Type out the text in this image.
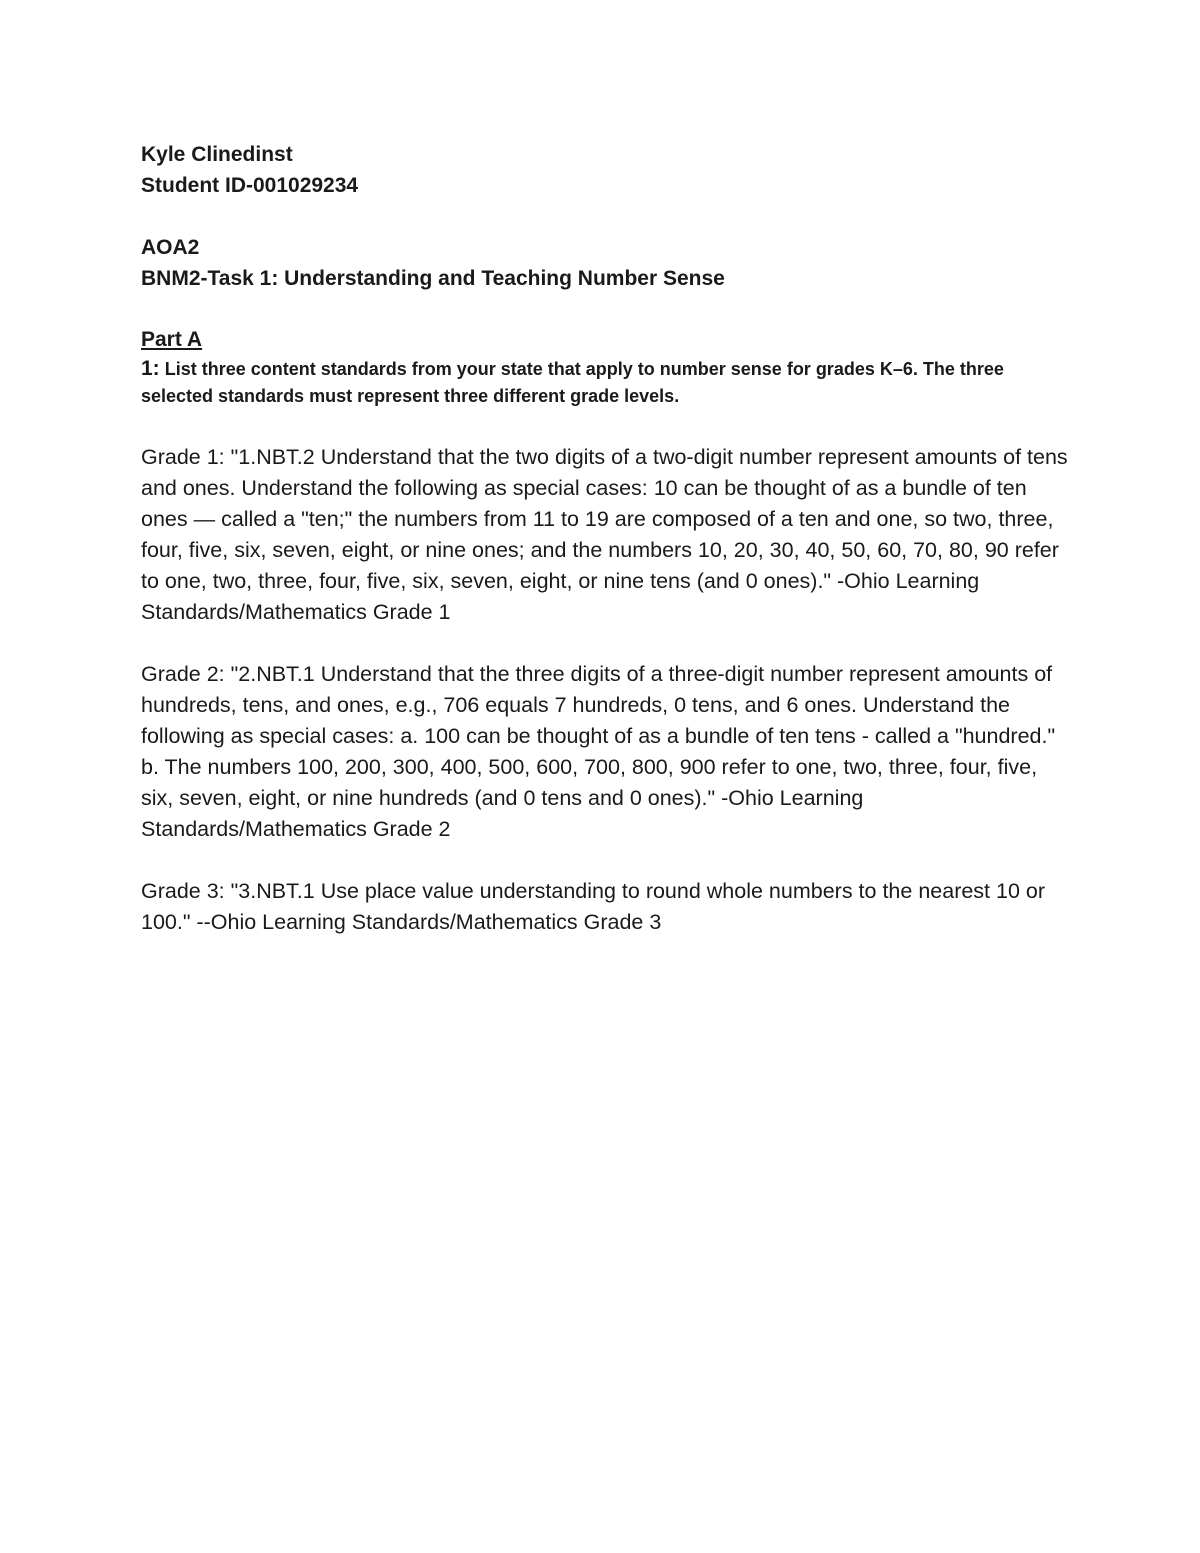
Kyle Clinedinst

Student ID-001029234

AOA2

BNM2-Task 1: Understanding and Teaching Number Sense

Part A

1: List three content standards from your state that apply to number sense for grades K–6. The three selected standards must represent three different grade levels.

Grade 1: "1.NBT.2 Understand that the two digits of a two-digit number represent amounts of tens and ones. Understand the following as special cases: 10 can be thought of as a bundle of ten ones — called a "ten;" the numbers from 11 to 19 are composed of a ten and one, so two, three, four, five, six, seven, eight, or nine ones; and the numbers 10, 20, 30, 40, 50, 60, 70, 80, 90 refer to one, two, three, four, five, six, seven, eight, or nine tens (and 0 ones)." -Ohio Learning Standards/Mathematics Grade 1

Grade 2: "2.NBT.1 Understand that the three digits of a three-digit number represent amounts of hundreds, tens, and ones, e.g., 706 equals 7 hundreds, 0 tens, and 6 ones. Understand the following as special cases: a. 100 can be thought of as a bundle of ten tens - called a "hundred." b. The numbers 100, 200, 300, 400, 500, 600, 700, 800, 900 refer to one, two, three, four, five, six, seven, eight, or nine hundreds (and 0 tens and 0 ones)." -Ohio Learning Standards/Mathematics Grade 2

Grade 3: "3.NBT.1 Use place value understanding to round whole numbers to the nearest 10 or 100." --Ohio Learning Standards/Mathematics Grade 3
